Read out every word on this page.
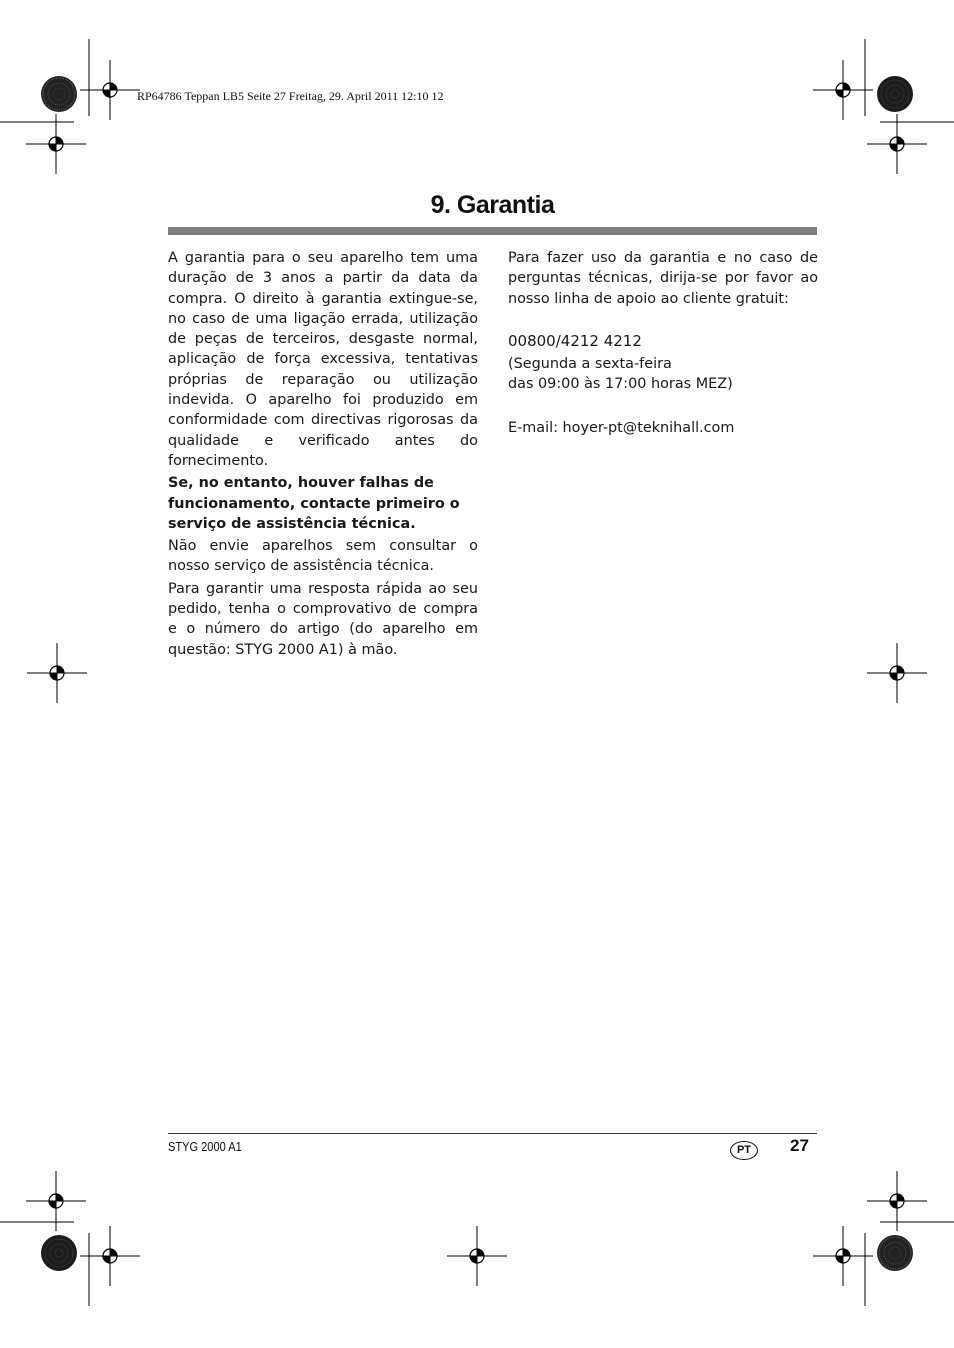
RP64786 Teppan LB5 Seite 27 Freitag, 29. April 2011 12:10 12
9. Garantia

A garantia para o seu aparelho tem uma duração de 3 anos a partir da data da compra. O direito à garantia extingue-se, no caso de uma ligação errada, utilização de peças de terceiros, desgaste normal, aplicação de força excessiva, tentativas próprias de reparação ou utilização indevida. O aparelho foi produzido em conformidade com directivas rigorosas da qualidade e verificado antes do fornecimento.

Se, no entanto, houver falhas de funcionamento, contacte primeiro o serviço de assistência técnica.

Não envie aparelhos sem consultar o nosso serviço de assistência técnica.

Para garantir uma resposta rápida ao seu pedido, tenha o comprovativo de compra e o número do artigo (do aparelho em questão: STYG 2000 A1) à mão.

Para fazer uso da garantia e no caso de perguntas técnicas, dirija-se por favor ao nosso linha de apoio ao cliente gratuit:

00800/4212 4212

(Segunda a sexta-feira

das 09:00 às 17:00 horas MEZ)

E-mail: hoyer-pt@teknihall.com

STYG 2000 A1	PT	27
